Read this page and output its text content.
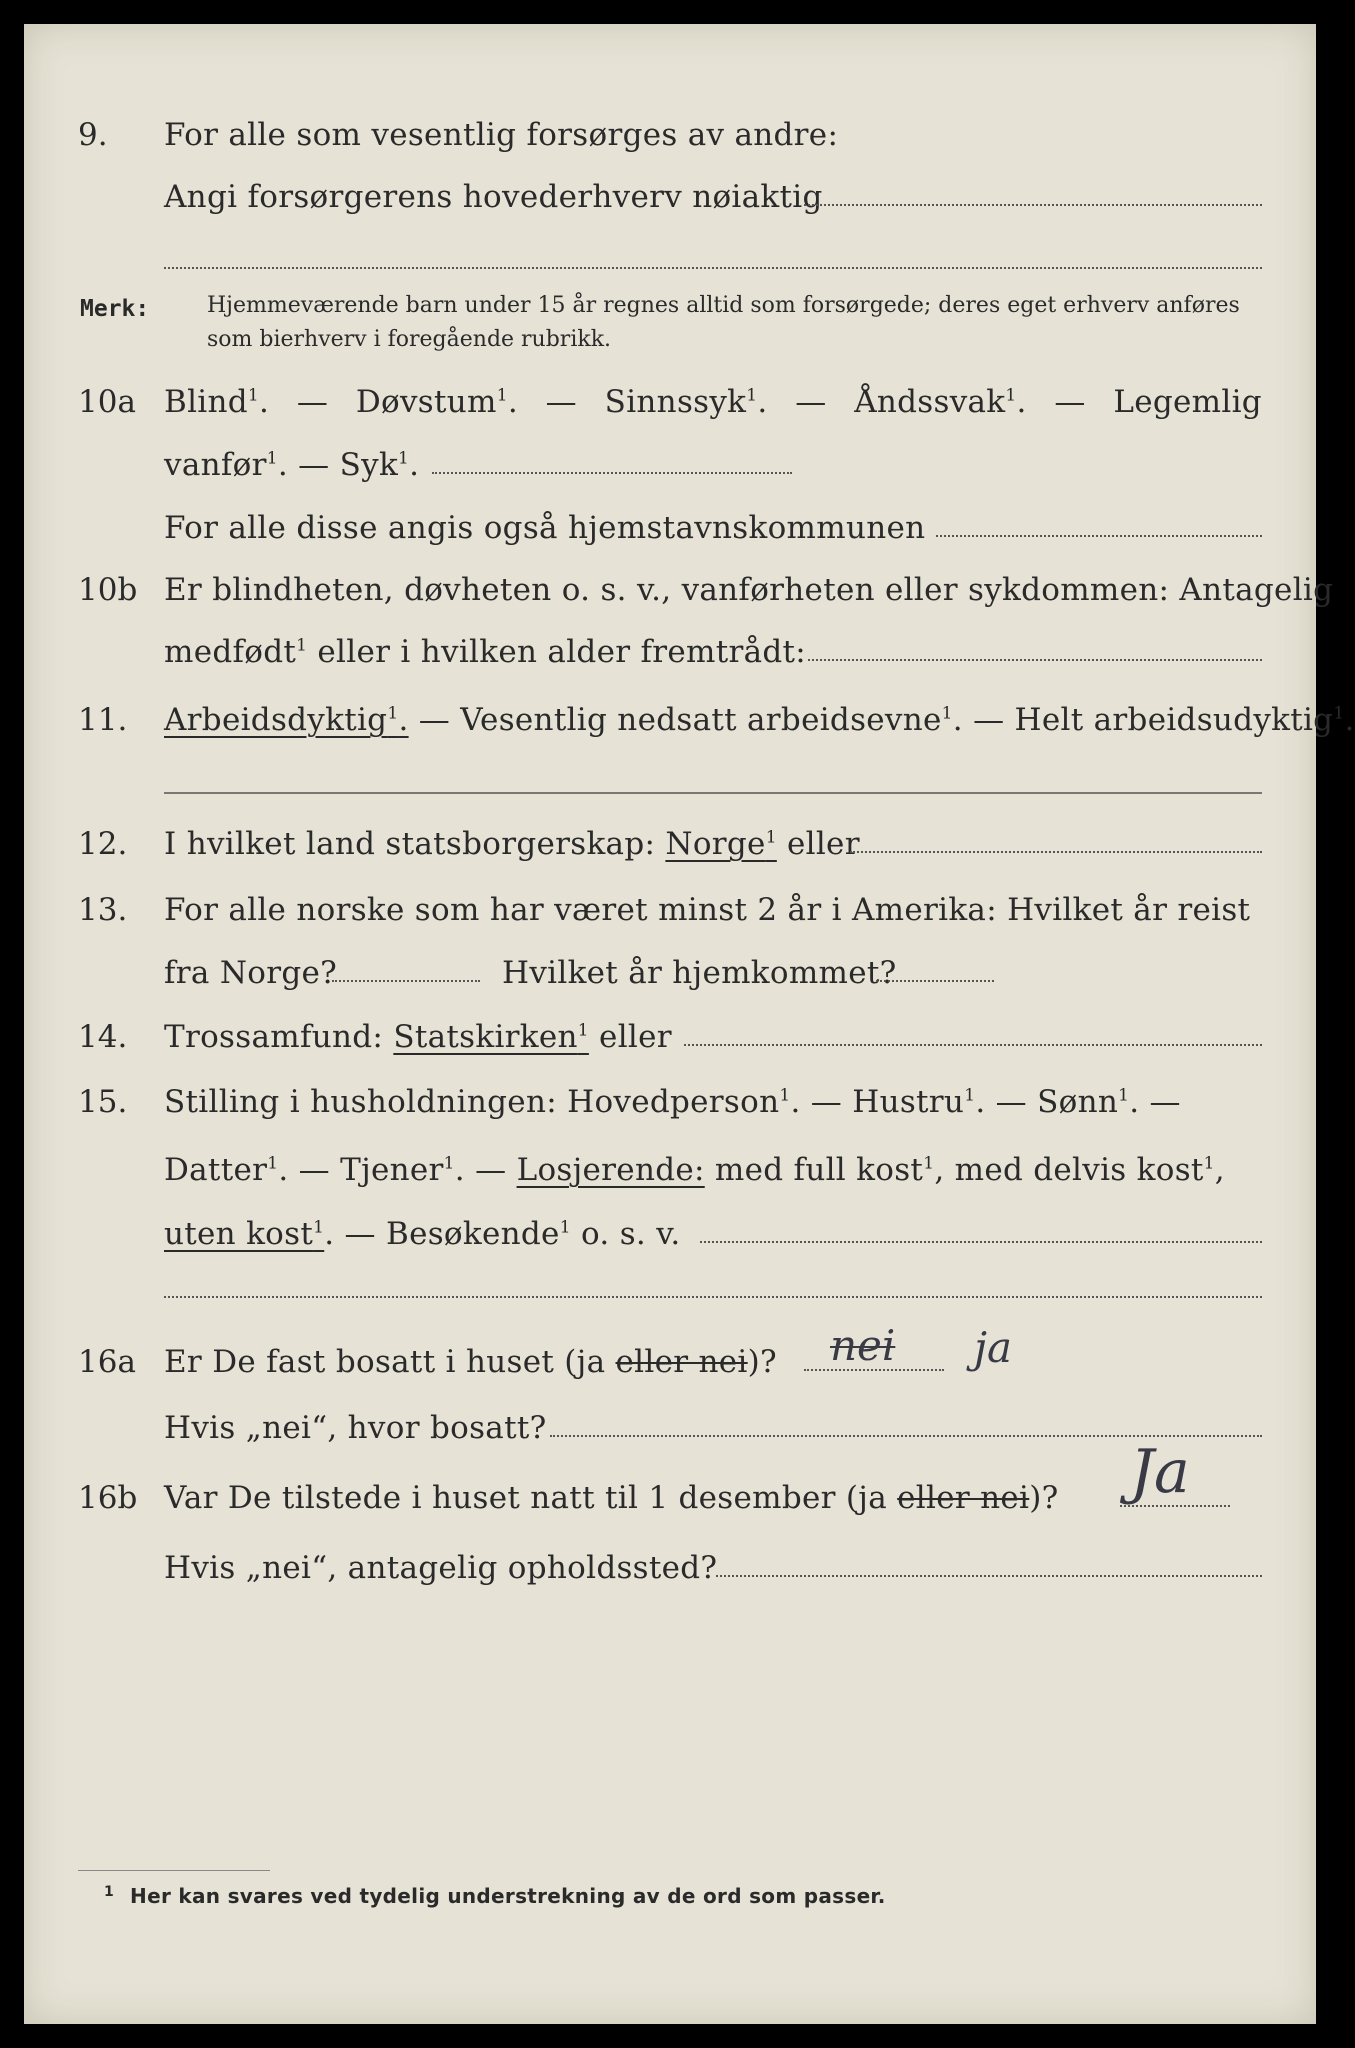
9. For alle som vesentlig forsørges av andre:
Angi forsørgerens hovederhverv nøiaktig
Merk:	Hjemmeværende barn under 15 år regnes alltid som forsørgede; deres eget erhverv anføres som bierhverv i foregående rubrikk.
10a Blind$^1$. — Døvstum$^1$. — Sinnssyk$^1$. — Åndssvak$^1$. — Legemlig
vanfør$^1$. — Syk$^1$.
For alle disse angis også hjemstavnskommunen
10b Er blindheten, døvheten o. s. v., vanførheten eller sykdommen: Antagelig
medfødt$^1$ eller i hvilken alder fremtrådt:
11. Arbeidsdyktig$^1$. — Vesentlig nedsatt arbeidsevne$^1$. — Helt arbeidsudyktig$^1$.
12. I hvilket land statsborgerskap: Norge$^1$ eller
13. For alle norske som har været minst 2 år i Amerika: Hvilket år reist
fra Norge?	Hvilket år hjemkommet?
14. Trossamfund: Statskirken$^1$ eller
15. Stilling i husholdningen: Hovedperson$^1$. — Hustru$^1$. — Sønn$^1$. —
Datter$^1$. — Tjener$^1$. — Losjerende: med full kost$^1$, med delvis kost$^1$,
uten kost$^1$. — Besøkende$^1$ o. s. v.
16a Er De fast bosatt i huset (ja eller nei)? nei ja
Hvis „nei“, hvor bosatt?
16b Var De tilstede i huset natt til 1 desember (ja eller nei)? Ja
Hvis „nei“, antagelig opholdssted?
$^1$ Her kan svares ved tydelig understrekning av de ord som passer.
